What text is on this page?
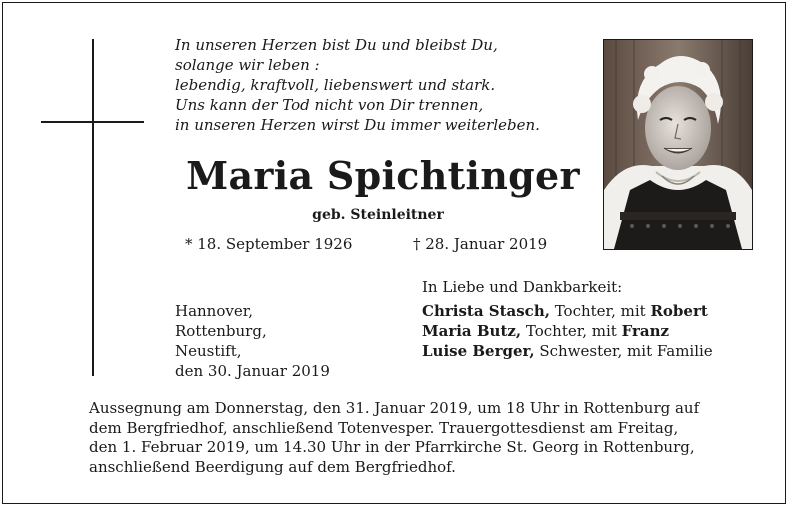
In unseren Herzen bist Du und bleibst Du,
solange wir leben :
lebendig, kraftvoll, liebenswert und stark.
Uns kann der Tod nicht von Dir trennen,
in unseren Herzen wirst Du immer weiterleben.
Maria Spichtinger
geb. Steinleitner
* 18. September 1926	† 28. Januar 2019
Hannover,
Rottenburg,
Neustift,
den 30. Januar 2019
In Liebe und Dankbarkeit:
Christa Stasch, Tochter, mit Robert
Maria Butz, Tochter, mit Franz
Luise Berger, Schwester, mit Familie
Aussegnung am Donnerstag, den 31. Januar 2019, um 18 Uhr in Rottenburg auf
dem Bergfriedhof, anschließend Totenvesper. Trauergottesdienst am Freitag,
den 1. Februar 2019, um 14.30 Uhr in der Pfarrkirche St. Georg in Rottenburg,
anschließend Beerdigung auf dem Bergfriedhof.
